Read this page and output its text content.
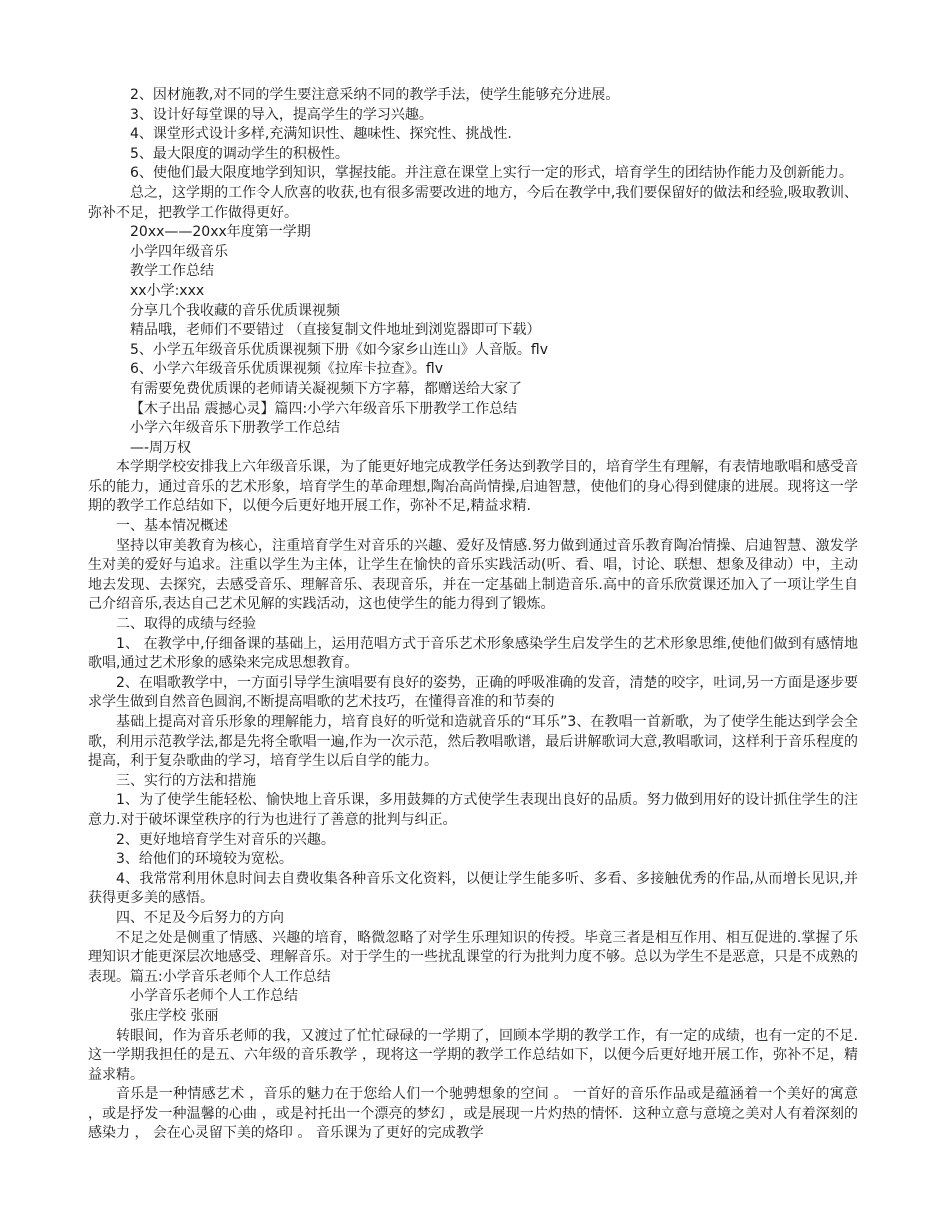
2、因材施教,对不同的学生要注意采纳不同的教学手法，使学生能够充分进展。

3、设计好每堂课的导入，提高学生的学习兴趣。

4、课堂形式设计多样,充满知识性、趣味性、探究性、挑战性.

5、最大限度的调动学生的积极性。

6、使他们最大限度地学到知识，掌握技能。并注意在课堂上实行一定的形式，培育学生的团结协作能力及创新能力。

总之，这学期的工作令人欣喜的收获,也有很多需要改进的地方，今后在教学中,我们要保留好的做法和经验,吸取教训、弥补不足，把教学工作做得更好。

20xx——20xx年度第一学期

小学四年级音乐

教学工作总结

xx小学:xxx

分享几个我收藏的音乐优质课视频

精品哦，老师们不要错过 （直接复制文件地址到浏览器即可下载）

5、小学五年级音乐优质课视频下册《如今家乡山连山》人音版。flv

6、小学六年级音乐优质课视频《拉库卡拉查》。flv

有需要免费优质课的老师请关凝视频下方字幕，都赠送给大家了

【木子出品 震撼心灵】篇四:小学六年级音乐下册教学工作总结

小学六年级音乐下册教学工作总结

—-周万权

本学期学校安排我上六年级音乐课，为了能更好地完成教学任务达到教学目的，培育学生有理解，有表情地歌唱和感受音乐的能力，通过音乐的艺术形象，培育学生的革命理想,陶冶高尚情操,启迪智慧，使他们的身心得到健康的进展。现将这一学期的教学工作总结如下，以便今后更好地开展工作，弥补不足,精益求精.

一、基本情况概述

坚持以审美教育为核心，注重培育学生对音乐的兴趣、爱好及情感.努力做到通过音乐教育陶冶情操、启迪智慧、激发学生对美的爱好与追求。注重以学生为主体，让学生在愉快的音乐实践活动(听、看、唱，讨论、联想、想象及律动）中，主动地去发现、去探究，去感受音乐、理解音乐、表现音乐，并在一定基础上制造音乐.高中的音乐欣赏课还加入了一项让学生自己介绍音乐,表达自己艺术见解的实践活动，这也使学生的能力得到了锻炼。

二、取得的成绩与经验

1、 在教学中,仔细备课的基础上，运用范唱方式于音乐艺术形象感染学生启发学生的艺术形象思维,使他们做到有感情地歌唱,通过艺术形象的感染来完成思想教育。

2、在唱歌教学中，一方面引导学生演唱要有良好的姿势，正确的呼吸准确的发音，清楚的咬字，吐词,另一方面是逐步要求学生做到自然音色圆润,不断提高唱歌的艺术技巧，在懂得音准的和节奏的

基础上提高对音乐形象的理解能力，培育良好的听觉和造就音乐的“耳乐”3、在教唱一首新歌，为了使学生能达到学会全歌，利用示范教学法,都是先将全歌唱一遍,作为一次示范，然后教唱歌谱，最后讲解歌词大意,教唱歌词，这样利于音乐程度的提高，利于复杂歌曲的学习，培育学生以后自学的能力。

三、实行的方法和措施

1、为了使学生能轻松、愉快地上音乐课，多用鼓舞的方式使学生表现出良好的品质。努力做到用好的设计抓住学生的注意力.对于破坏课堂秩序的行为也进行了善意的批判与纠正。

2、更好地培育学生对音乐的兴趣。

3、给他们的环境较为宽松。

4、我常常利用休息时间去自费收集各种音乐文化资料，以便让学生能多听、多看、多接触优秀的作品,从而增长见识,并获得更多美的感悟。

四、不足及今后努力的方向

不足之处是侧重了情感、兴趣的培育，略微忽略了对学生乐理知识的传授。毕竟三者是相互作用、相互促进的.掌握了乐理知识才能更深层次地感受、理解音乐。对于学生的一些扰乱课堂的行为批判力度不够。总以为学生不是恶意，只是不成熟的表现。篇五:小学音乐老师个人工作总结

小学音乐老师个人工作总结

张庄学校 张丽

转眼间，作为音乐老师的我，又渡过了忙忙碌碌的一学期了，回顾本学期的教学工作，有一定的成绩，也有一定的不足.这一学期我担任的是五、六年级的音乐教学 ，现将这一学期的教学工作总结如下，以便今后更好地开展工作，弥补不足，精益求精。

音乐是一种情感艺术 ，音乐的魅力在于您给人们一个驰骋想象的空间 。 一首好的音乐作品或是蕴涵着一个美好的寓意 ，或是抒发一种温馨的心曲 ，或是衬托出一个漂亮的梦幻 ，或是展现一片灼热的情怀．这种立意与意境之美对人有着深刻的感染力 ， 会在心灵留下美的烙印 。 音乐课为了更好的完成教学
